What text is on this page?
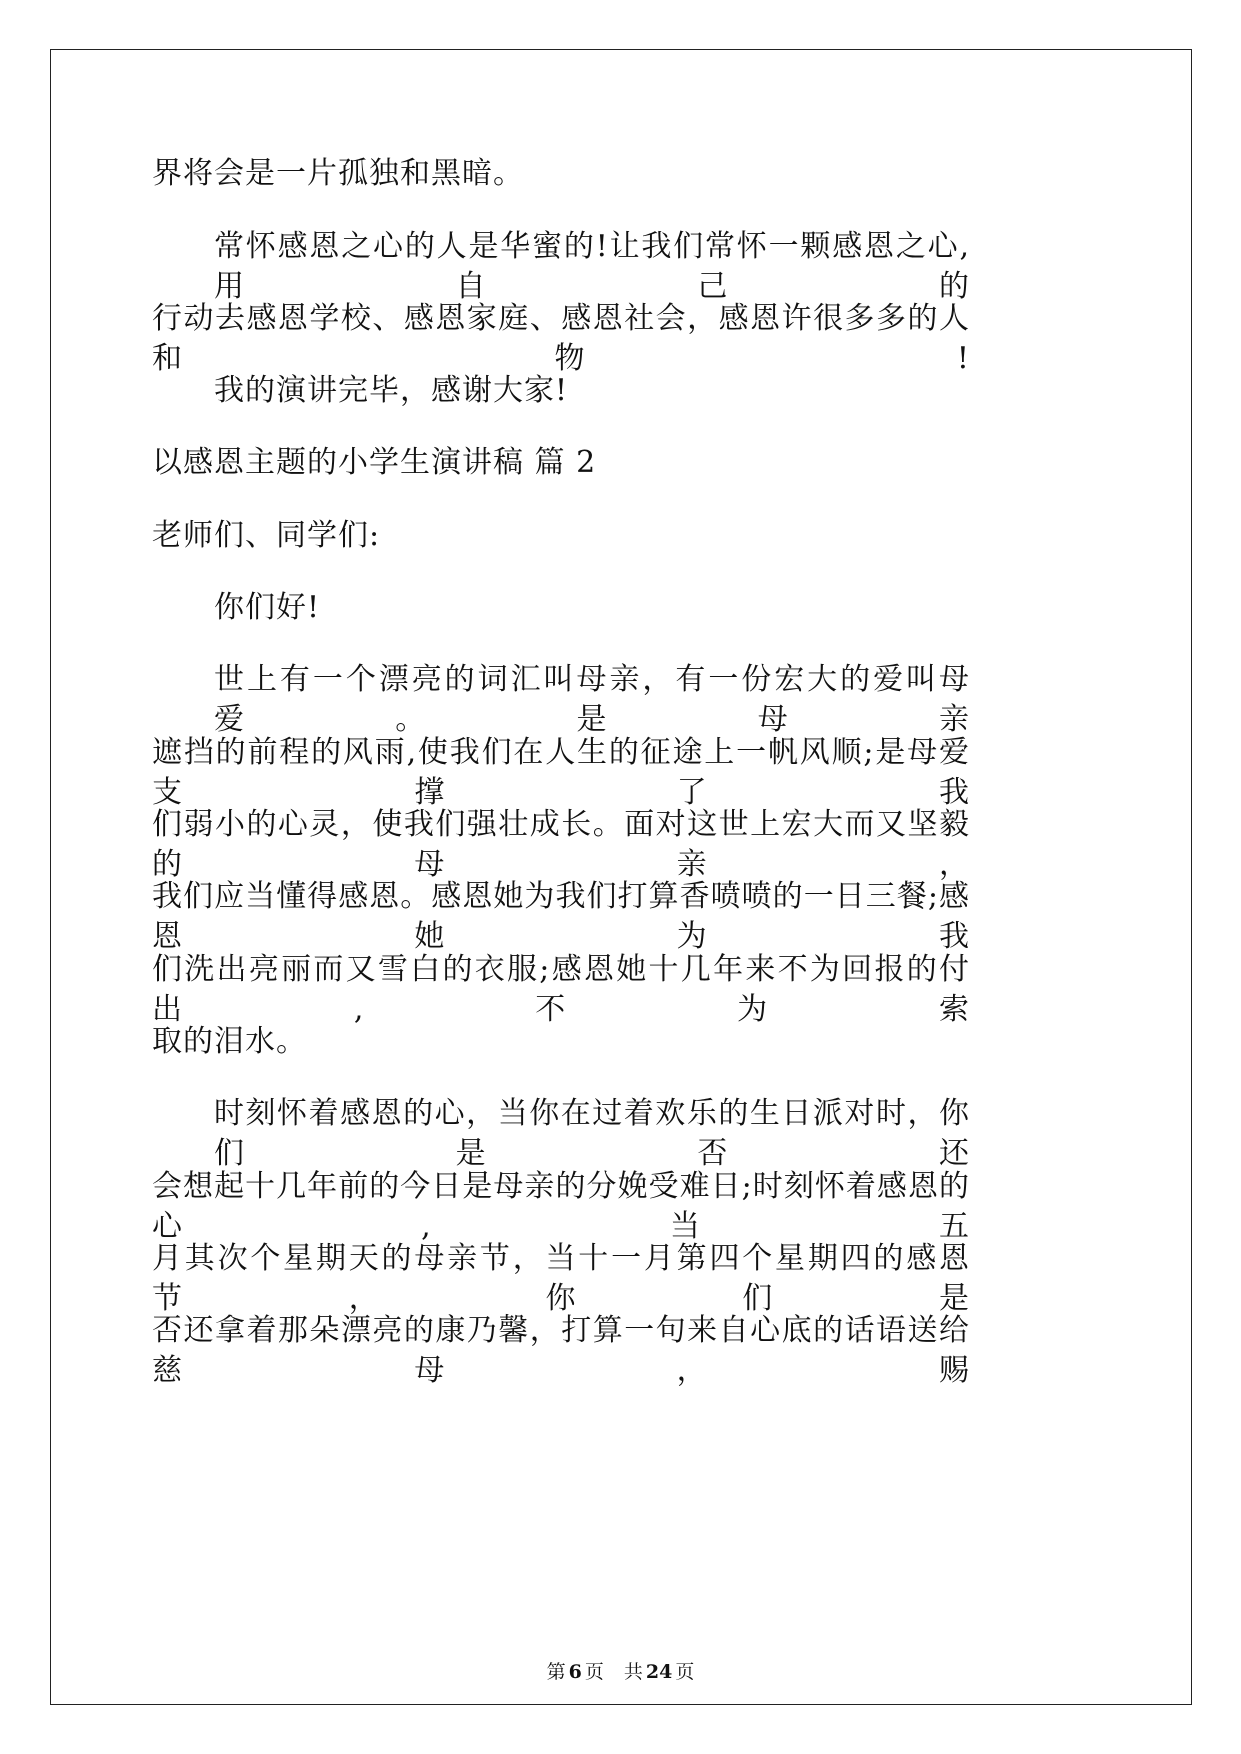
界将会是一片孤独和黑暗。
常怀感恩之心的人是华蜜的!让我们常怀一颗感恩之心,用自己的
行动去感恩学校、感恩家庭、感恩社会，感恩许很多多的人和物!
我的演讲完毕，感谢大家!
以感恩主题的小学生演讲稿 篇 2
老师们、同学们:
你们好!
世上有一个漂亮的词汇叫母亲，有一份宏大的爱叫母爱。是母亲
遮挡的前程的风雨,使我们在人生的征途上一帆风顺;是母爱支撑了我
们弱小的心灵，使我们强壮成长。面对这世上宏大而又坚毅的母亲，
我们应当懂得感恩。感恩她为我们打算香喷喷的一日三餐;感恩她为我
们洗出亮丽而又雪白的衣服;感恩她十几年来不为回报的付出,不为索
取的泪水。
时刻怀着感恩的心，当你在过着欢乐的生日派对时，你们是否还
会想起十几年前的今日是母亲的分娩受难日;时刻怀着感恩的心,当五
月其次个星期天的母亲节，当十一月第四个星期四的感恩节，你们是
否还拿着那朵漂亮的康乃馨，打算一句来自心底的话语送给慈母，赐
第 6 页 共 24 页
